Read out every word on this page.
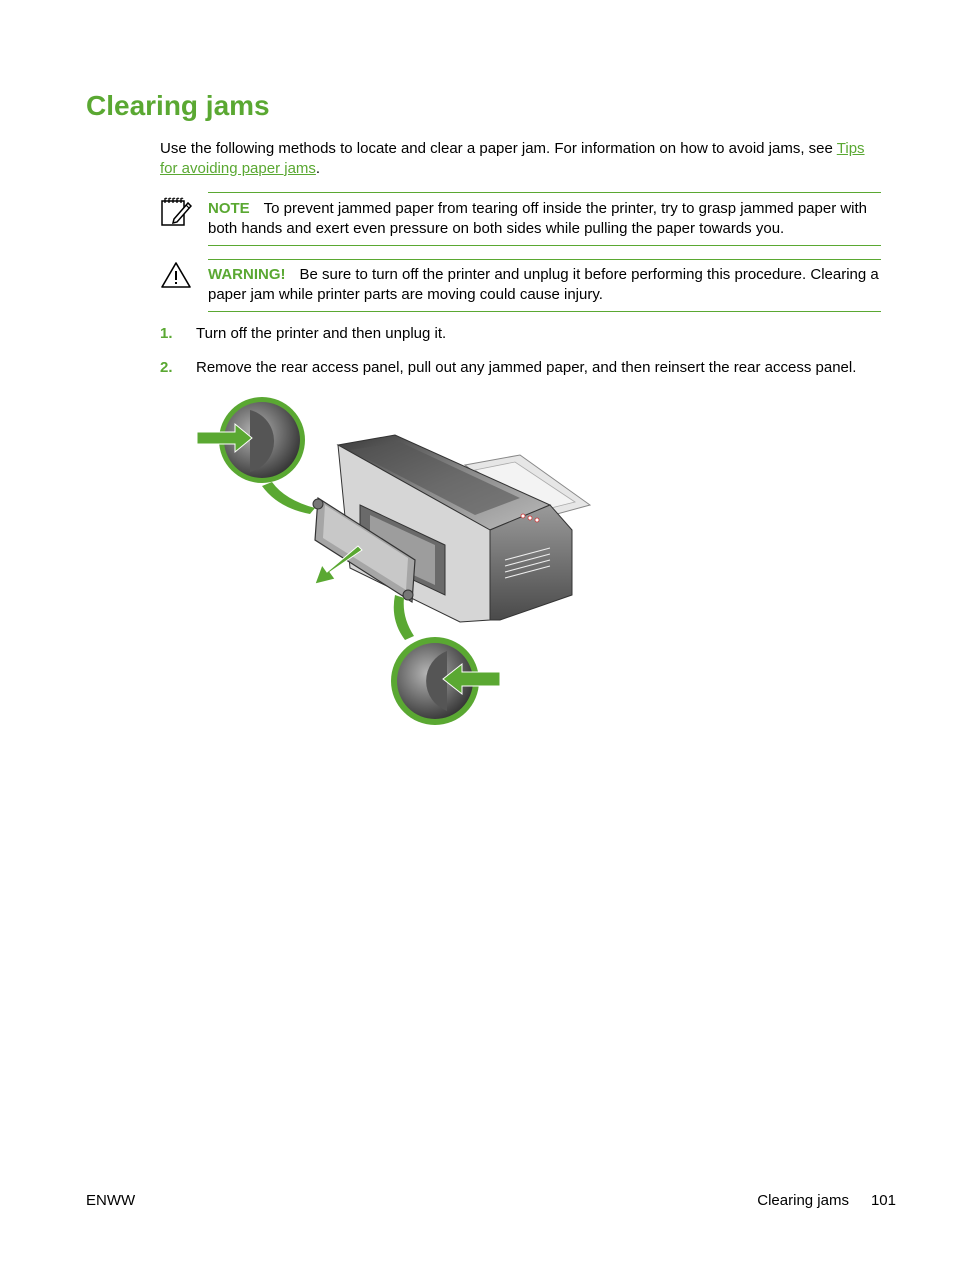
Clearing jams
Use the following methods to locate and clear a paper jam. For information on how to avoid jams, see Tips for avoiding paper jams.
NOTE To prevent jammed paper from tearing off inside the printer, try to grasp jammed paper with both hands and exert even pressure on both sides while pulling the paper towards you.
WARNING! Be sure to turn off the printer and unplug it before performing this procedure. Clearing a paper jam while printer parts are moving could cause injury.
1. Turn off the printer and then unplug it.
2. Remove the rear access panel, pull out any jammed paper, and then reinsert the rear access panel.
ENWW	Clearing jams 101
